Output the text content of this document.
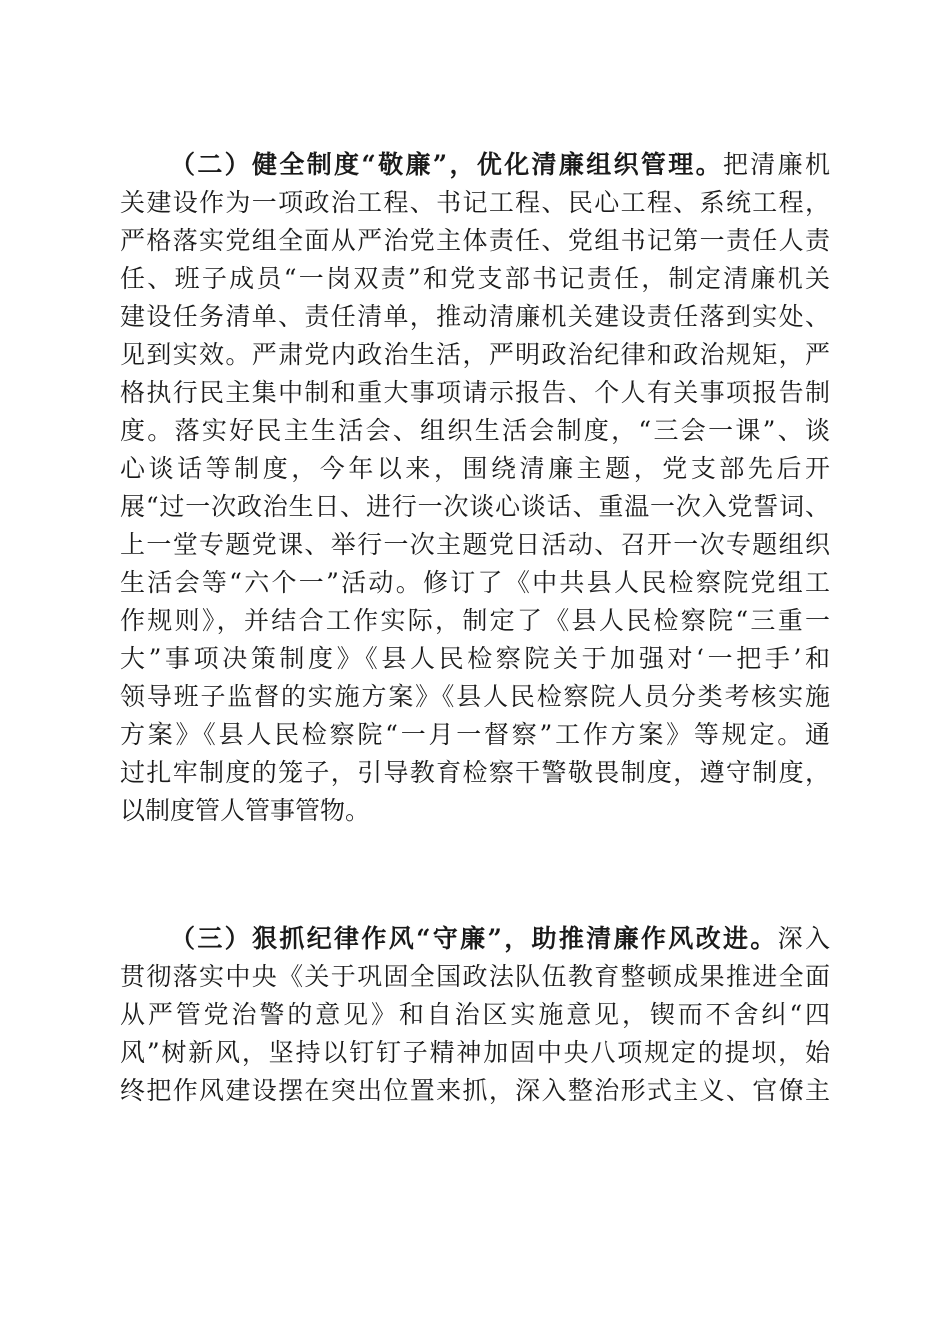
（二）健全制度“敬廉”，优化清廉组织管理。把清廉机
关建设作为一项政治工程、书记工程、民心工程、系统工程，
严格落实党组全面从严治党主体责任、党组书记第一责任人责
任、班子成员“一岗双责”和党支部书记责任，制定清廉机关
建设任务清单、责任清单，推动清廉机关建设责任落到实处、
见到实效。严肃党内政治生活，严明政治纪律和政治规矩，严
格执行民主集中制和重大事项请示报告、个人有关事项报告制
度。落实好民主生活会、组织生活会制度，“三会一课”、谈
心谈话等制度，今年以来，围绕清廉主题，党支部先后开
展“过一次政治生日、进行一次谈心谈话、重温一次入党誓词、
上一堂专题党课、举行一次主题党日活动、召开一次专题组织
生活会等“六个一”活动。修订了《中共县人民检察院党组工
作规则》，并结合工作实际，制定了《县人民检察院“三重一
大”事项决策制度》《县人民检察院关于加强对‘一把手’和
领导班子监督的实施方案》《县人民检察院人员分类考核实施
方案》《县人民检察院“一月一督察”工作方案》等规定。通
过扎牢制度的笼子，引导教育检察干警敬畏制度，遵守制度，
以制度管人管事管物。
（三）狠抓纪律作风“守廉”，助推清廉作风改进。深入
贯彻落实中央《关于巩固全国政法队伍教育整顿成果推进全面
从严管党治警的意见》和自治区实施意见，锲而不舍纠“四
风”树新风，坚持以钉钉子精神加固中央八项规定的提坝，始
终把作风建设摆在突出位置来抓，深入整治形式主义、官僚主
